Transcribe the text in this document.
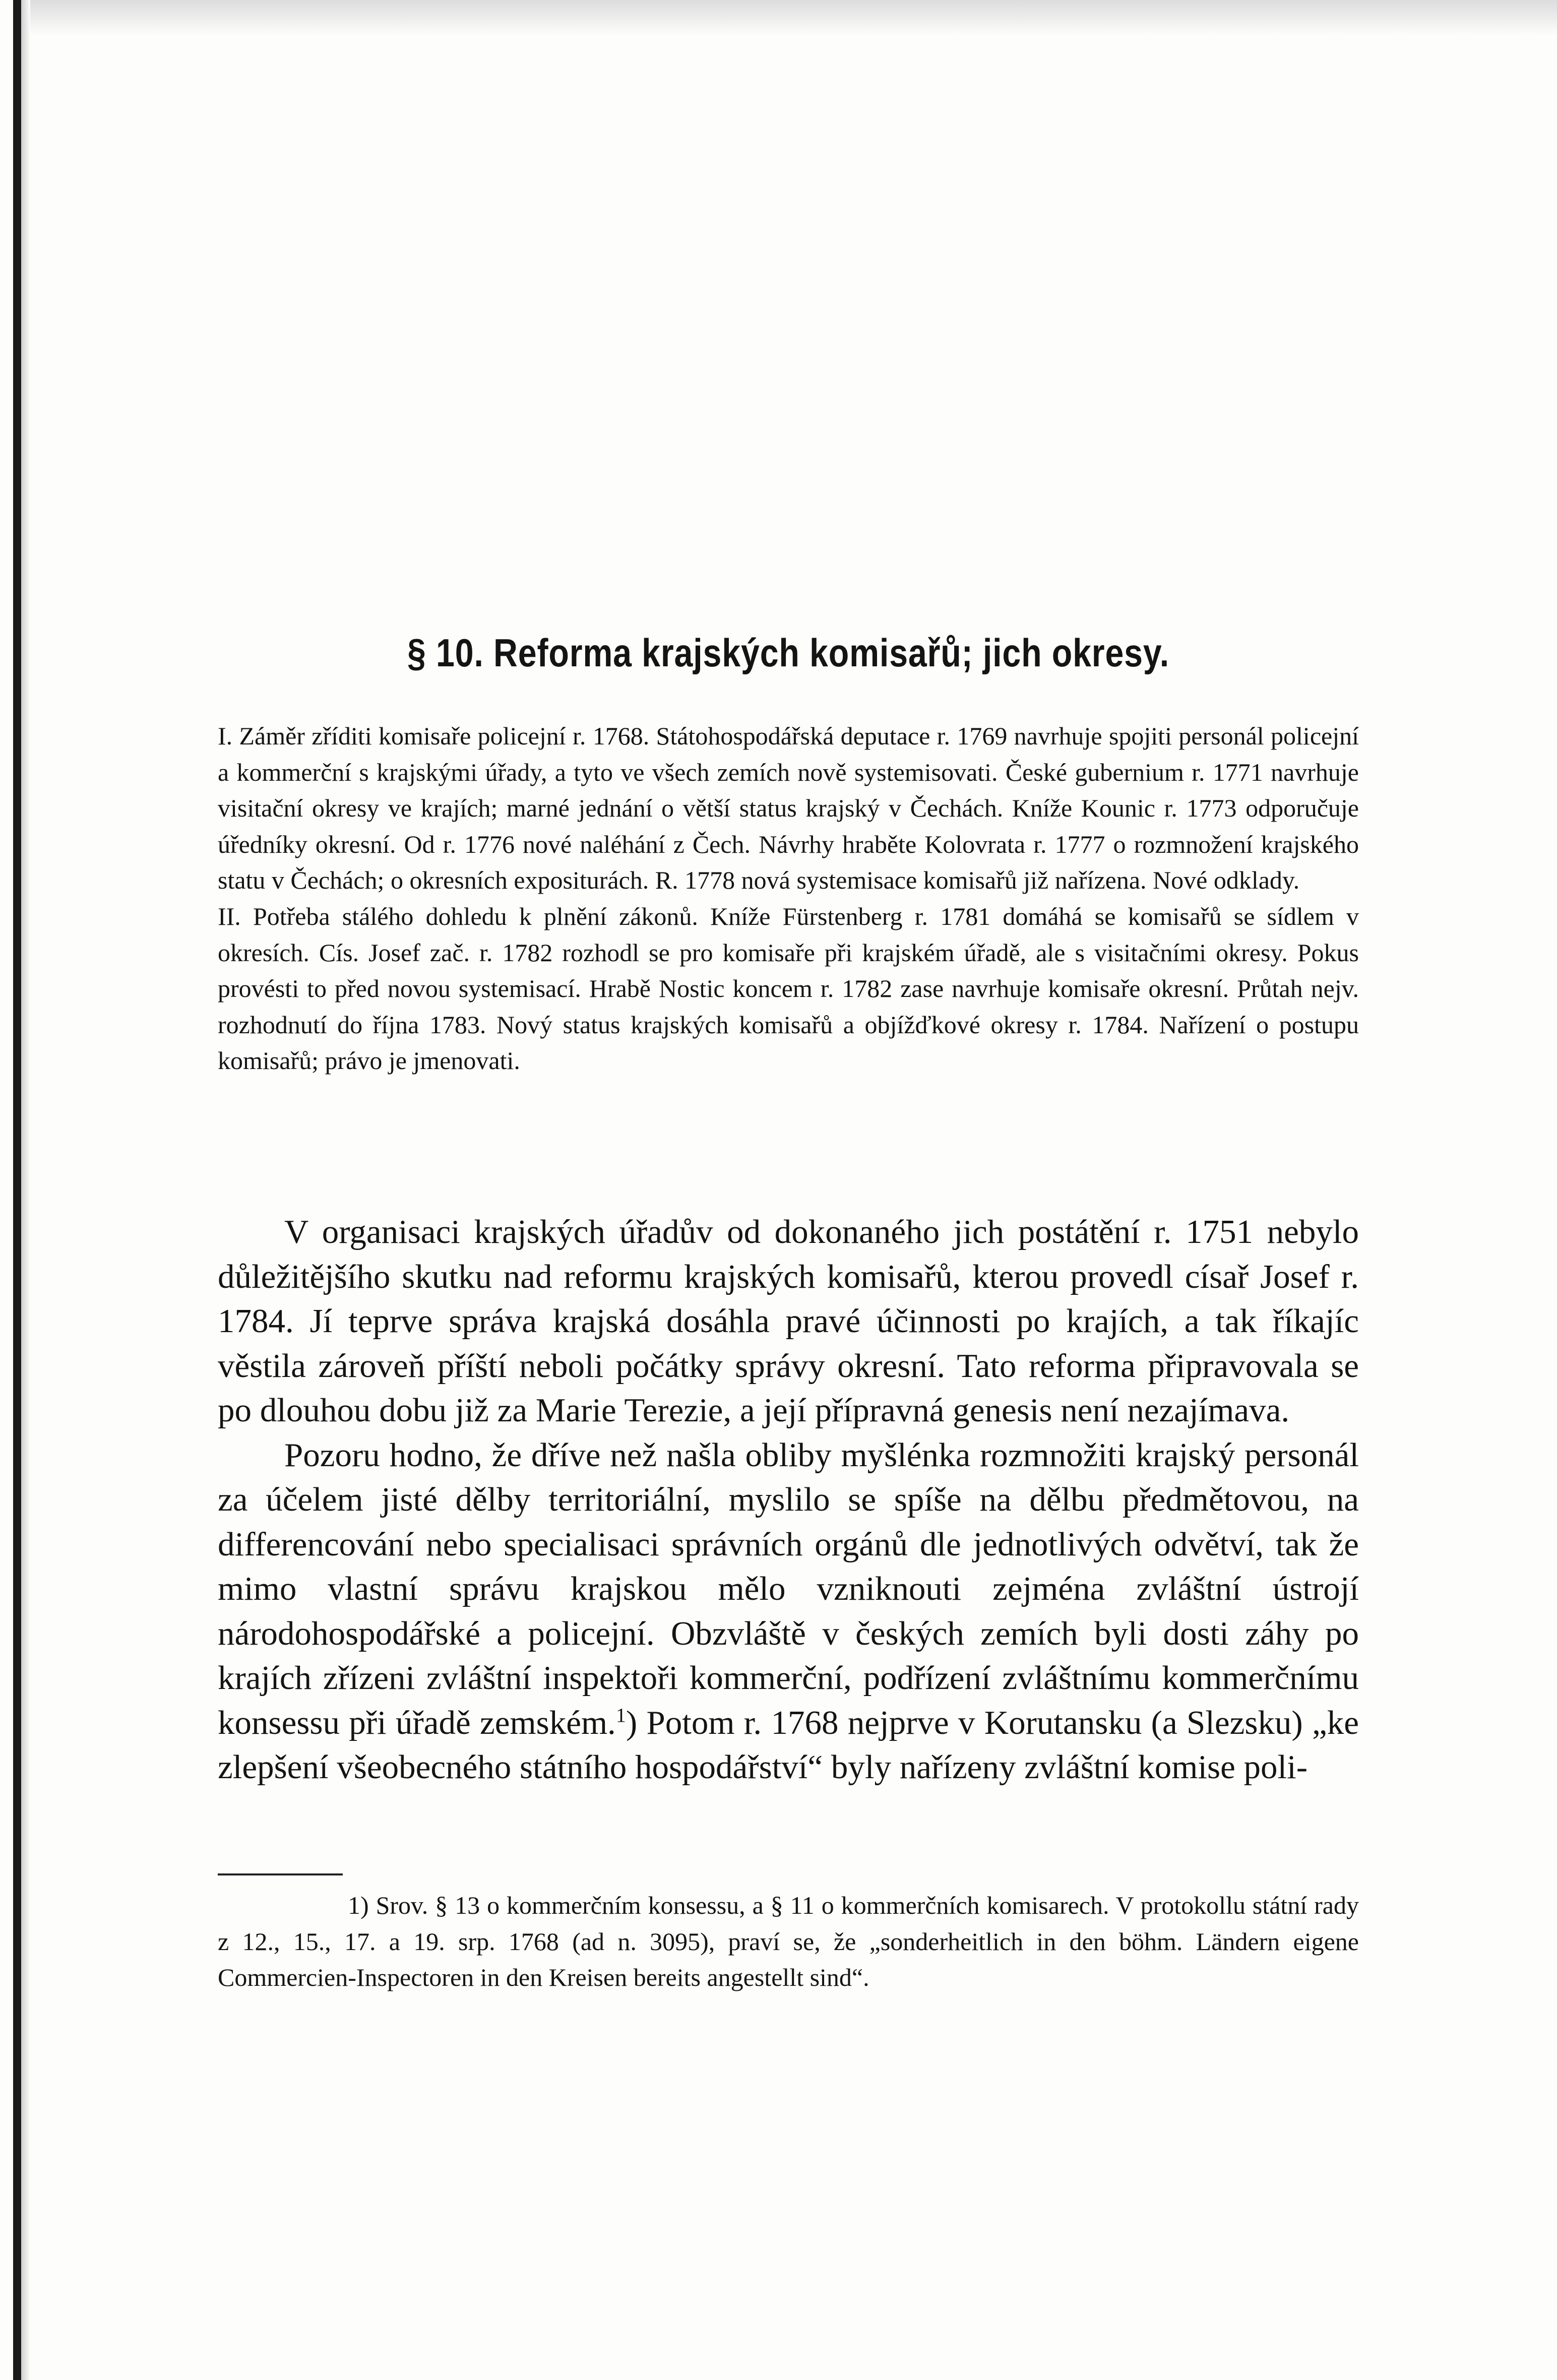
§ 10. Reforma krajských komisařů; jich okresy.

I. Záměr zříditi komisaře policejní r. 1768. Státohospodářská deputace r. 1769 navrhuje spojiti personál policejní a kommerční s krajskými úřady, a tyto ve všech zemích nově systemisovati. České gubernium r. 1771 navrhuje visitační okresy ve krajích; marné jednání o větší status krajský v Čechách. Kníže Kounic r. 1773 odporučuje úředníky okresní. Od r. 1776 nové naléhání z Čech. Návrhy hraběte Kolovrata r. 1777 o rozmnožení krajského statu v Čechách; o okresních expositurách. R. 1778 nová systemisace komisařů již nařízena. Nové odklady.

II. Potřeba stálého dohledu k plnění zákonů. Kníže Fürstenberg r. 1781 domáhá se komisařů se sídlem v okresích. Cís. Josef zač. r. 1782 rozhodl se pro komisaře při krajském úřadě, ale s visitačními okresy. Pokus provésti to před novou systemisací. Hrabě Nostic koncem r. 1782 zase navrhuje komisaře okresní. Průtah nejv. rozhodnutí do října 1783. Nový status krajských komisařů a objížďkové okresy r. 1784. Nařízení o postupu komisařů; právo je jmenovati.

V organisaci krajských úřadův od dokonaného jich postátění r. 1751 nebylo důležitějšího skutku nad reformu krajských komisařů, kterou provedl císař Josef r. 1784. Jí teprve správa krajská dosáhla pravé účinnosti po krajích, a tak říkajíc věstila zároveň příští neboli počátky správy okresní. Tato reforma připravovala se po dlouhou dobu již za Marie Terezie, a její přípravná genesis není nezajímava.

Pozoru hodno, že dříve než našla obliby myšlénka rozmnožiti krajský personál za účelem jisté dělby territoriální, myslilo se spíše na dělbu předmětovou, na differencování nebo specialisaci správních orgánů dle jednotlivých odvětví, tak že mimo vlastní správu krajskou mělo vzniknouti zejména zvláštní ústrojí národohospodářské a policejní. Obzvláště v českých zemích byli dosti záhy po krajích zřízeni zvláštní inspektoři kommerční, podřízení zvláštnímu kommerčnímu konsessu při úřadě zemském.$^1$) Potom r. 1768 nejprve v Korutansku (a Slezsku) „ke zlepšení všeobecného státního hospodářství“ byly nařízeny zvláštní komise poli-

1) Srov. § 13 o kommerčním konsessu, a § 11 o kommerčních komisarech. V protokollu státní rady z 12., 15., 17. a 19. srp. 1768 (ad n. 3095), praví se, že „sonderheitlich in den böhm. Ländern eigene Commercien-Inspectoren in den Kreisen bereits angestellt sind“.
